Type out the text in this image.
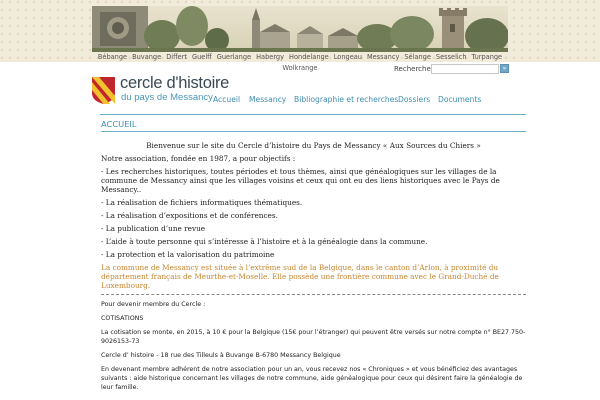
Bébange Buvange Differt Guelff Guerlange Habergy Hondelange Longeau Messancy Sélange Sesselich Turpange
Wolkrange	Recherche	»
cercle d'histoire
du pays de Messancy Accueil Messancy Bibliographie et recherches Dossiers Documents
ACCUEIL
Bienvenue sur le site du Cercle d’histoire du Pays de Messancy « Aux Sources du Chiers »
Notre association, fondée en 1987, a pour objectifs :
- Les recherches historiques, toutes périodes et tous thèmes, ainsi que généalogiques sur les villages de la commune de Messancy ainsi que les villages voisins et ceux qui ont eu des liens historiques avec le Pays de Messancy..
- La réalisation de fichiers informatiques thématiques.
- La réalisation d’expositions et de conférences.
- La publication d’une revue
- L’aide à toute personne qui s’intéresse à l’histoire et à la généalogie dans la commune.
- La protection et la valorisation du patrimoine
La commune de Messancy est située à l’extrême sud de la Belgique, dans le canton d’Arlon, à proximité du département français de Meurthe-et-Moselle. Elle possède une frontière commune avec le Grand-Duché de Luxembourg.
Pour devenir membre du Cercle :
COTISATIONS
La cotisation se monte, en 2015, à 10 € pour la Belgique (15€ pour l’étranger) qui peuvent être versés sur notre compte n° BE27 750-9026153-73
Cercle d’ histoire - 18 rue des Tilleuls à Buvange B-6780 Messancy Belgique
En devenant membre adhérent de notre association pour un an, vous recevez nos « Chroniques » et vous bénéficiez des avantages suivants : aide historique concernant les villages de notre commune, aide généalogique pour ceux qui désirent faire la généalogie de leur famille.
